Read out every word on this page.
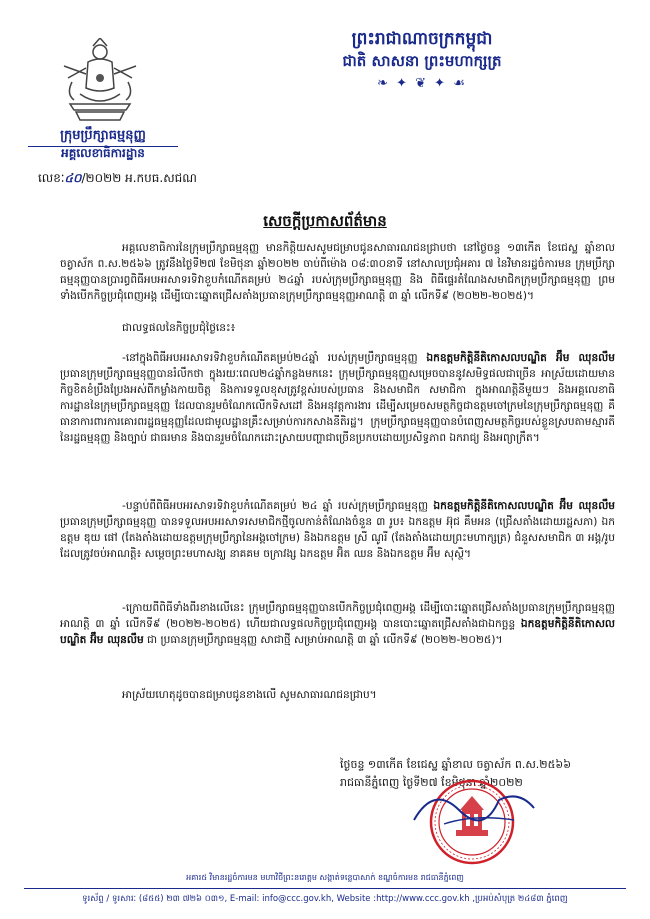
ព្រះរាជាណាចក្រកម្ពុជា
ជាតិ សាសនា ព្រះមហាក្សត្រ
❧ ✦ ❦ ✦ ☙
ក្រុមប្រឹក្សាធម្មនុញ្ញ
អគ្គលេខាធិការដ្ឋាន
លេខៈ៤០/២០២២ អ.កបធ.សជណ
សេចក្ដីប្រកាសព័ត៌មាន
អគ្គលេខាធិការនៃក្រុមប្រឹក្សាធម្មនុញ្ញ មានកិត្តិយសសូមជម្រាបជូនសាធារណជនជ្រាបថា នៅថ្ងៃចន្ទ ១៣កើត ខែជេស្ឋ ឆ្នាំខាល ចត្វាស័ក ព.ស.២៥៦៦ ត្រូវនឹងថ្ងៃទី២៧ ខែមិថុនា ឆ្នាំ២០២២ ចាប់ពីម៉ោង ០៨:៣០នាទី នៅសាលប្រជុំអគារ ៧ នៃវិមានរដ្ឋចំការមន ក្រុមប្រឹក្សាធម្មនុញ្ញបានប្រារព្ធពិធីអបអរសាទរទិវាខួបកំណើតគម្រប់ ២៤ឆ្នាំ របស់ក្រុមប្រឹក្សាធម្មនុញ្ញ និង ពិធីផ្ទេរតំណែងសមាជិកក្រុមប្រឹក្សាធម្មនុញ្ញ ព្រមទាំងបើកកិច្ចប្រជុំពេញអង្គ ដើម្បីបោះឆ្នោតជ្រើសតាំងប្រធានក្រុមប្រឹក្សាធម្មនុញ្ញអាណត្តិ ៣ ឆ្នាំ លើកទី៩ (២០២២-២០២៥)។
ជាលទ្ធផលនៃកិច្ចប្រជុំថ្ងៃនេះ៖
-នៅក្នុងពិធីអបអរសាទរទិវាខួបកំណើតគម្រប់២៤ឆ្នាំ របស់ក្រុមប្រឹក្សាធម្មនុញ្ញ ឯកឧត្តមកិត្តិនីតិកោសលបណ្ឌិត អ៊ឹម ឈុនលឹម ប្រធានក្រុមប្រឹក្សាធម្មនុញ្ញបានរំលឹកថា ក្នុងរយៈពេល២៤ឆ្នាំកន្លងមកនេះ ក្រុមប្រឹក្សាធម្មនុញ្ញសម្រេចបាននូវសមិទ្ធផលជាច្រើន អាស្រ័យដោយមានកិច្ចខិតខំប្រឹងប្រែងអស់ពីកម្លាំងកាយចិត្ត និងការទទួលខុសត្រូវខ្ពស់របស់ប្រធាន និងសមាជិក សមាជិកា ក្នុងអាណត្តិនីមួយៗ និងអគ្គលេខាធិការដ្ឋាននៃក្រុមប្រឹក្សាធម្មនុញ្ញ ដែលបានរួមចំណែកលើកទិសដៅ និងអនុវត្តការងារ ដើម្បីសម្រេចសមត្ថកិច្ចជាឧត្តមចៅក្រមនៃក្រុមប្រឹក្សាធម្មនុញ្ញ គឺធានាការពារការគោរពរដ្ឋធម្មនុញ្ញដែលជាមូលដ្ឋានគ្រឹះសម្រាប់ការកសាងនីតិរដ្ឋ។ ក្រុមប្រឹក្សាធម្មនុញ្ញបានបំពេញសមត្ថកិច្ចរបស់ខ្លួនស្របតាមស្មារតីនៃរដ្ឋធម្មនុញ្ញ និងច្បាប់ ជាធរមាន និងបានរួមចំណែកដោះស្រាយបញ្ហាជាច្រើនប្រកបដោយប្រសិទ្ធភាព ឯករាជ្យ និងអព្យាក្រឹត។
-បន្ទាប់ពីពិធីអបអរសាទរទិវាខួបកំណើតគម្រប់ ២៤ ឆ្នាំ របស់ក្រុមប្រឹក្សាធម្មនុញ្ញ ឯកឧត្តមកិត្តិនីតិកោសលបណ្ឌិត អ៊ឹម ឈុនលឹម ប្រធានក្រុមប្រឹក្សាធម្មនុញ្ញ បានទទួលអបអរសាទរសមាជិកថ្មីចូលកាន់តំណែងចំនួន ៣ រូប៖ ឯកឧត្តម អ៊ុជ គឹមអន (ជ្រើសតាំងដោយរដ្ឋសភា) ឯកឧត្តម ឌុយ ផៅ (តែងតាំងដោយឧត្តមក្រុមប្រឹក្សានៃអង្គចៅក្រម) និងឯកឧត្តម ស្រី ណូរី (តែងតាំងដោយព្រះមហាក្សត្រ) ជំនួសសមាជិក ៣ អង្គ/រូប ដែលត្រូវចប់អាណត្តិ៖ សម្ដេចព្រះមហាសង្ឃ នាគគម ចក្រាវង្ស ឯកឧត្តម អ៊ិត ឈន និងឯកឧត្តម អ៊ឹម សុស្ថិ។
-ក្រោយពីពិធីទាំងពីរខាងលើនេះ ក្រុមប្រឹក្សាធម្មនុញ្ញបានបើកកិច្ចប្រជុំពេញអង្គ ដើម្បីបោះឆ្នោតជ្រើសតាំងប្រធានក្រុមប្រឹក្សាធម្មនុញ្ញអាណត្តិ ៣ ឆ្នាំ លើកទី៩ (២០២២-២០២៥) ហើយជាលទ្ធផលកិច្ចប្រជុំពេញអង្គ បានបោះឆ្នោតជ្រើសតាំងជាឯកច្ឆន្ទ ឯកឧត្តមកិត្តិនីតិកោសលបណ្ឌិត អ៊ឹម ឈុនលឹម ជា ប្រធានក្រុមប្រឹក្សាធម្មនុញ្ញ សាជាថ្មី សម្រាប់អាណត្តិ ៣ ឆ្នាំ លើកទី៩ (២០២២-២០២៥)។
អាស្រ័យហេតុដូចបានជម្រាបជូនខាងលើ សូមសាធារណជនជ្រាប។
ថ្ងៃចន្ទ ១៣កើត ខែជេស្ឋ ឆ្នាំខាល ចត្វាស័ក ព.ស.២៥៦៦
រាជធានីភ្នំពេញ ថ្ងៃទី២៧ ខែមិថុនា ឆ្នាំ២០២២
អគារ៥ វិមានរដ្ឋចំការមន មហាវិថីព្រះនរោត្តម សង្កាត់ទន្លេបាសាក់ ខណ្ឌចំការមន រាជធានីភ្នំពេញ
ទូរស័ព្ទ / ទូរសារៈ (៨៥៥) ២៣ ៧២៦ ០៣១, E-mail: info@ccc.gov.kh, Website :http://www.ccc.gov.kh ,ប្រអប់សំបុត្រ ២៤៨៣ ភ្នំពេញ
